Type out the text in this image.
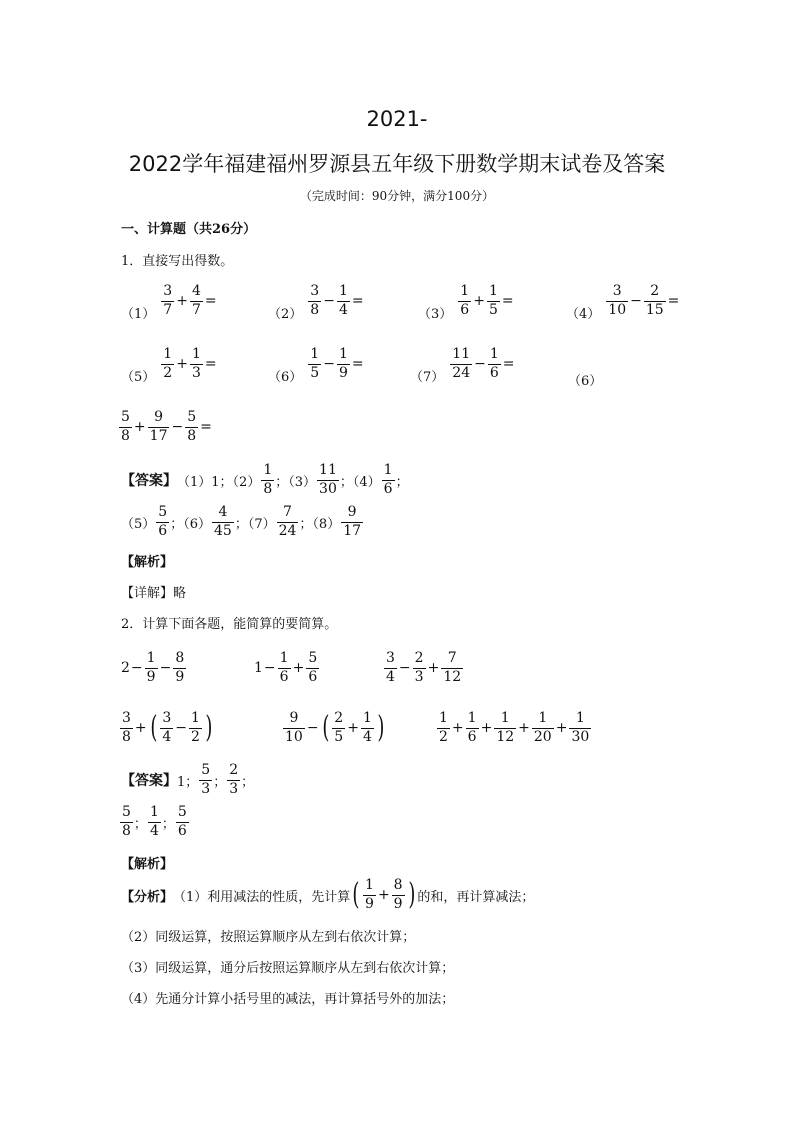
2021-
2022学年福建福州罗源县五年级下册数学期末试卷及答案
（完成时间：90分钟，满分100分）
一、计算题（共26分）
1．直接写出得数。
$(1) \frac{3}{7} + \frac{4}{7}$ =
$(2) \frac{3}{8} - \frac{1}{4}$ =
$(3) \frac{1}{6} + \frac{1}{5}$ =
$(4) \frac{3}{10} - \frac{2}{15}$ =
$(5) \frac{1}{2} + \frac{1}{3}$ =
$(6) \frac{1}{5} - \frac{1}{9}$ =
$(7) \frac{11}{24} - \frac{1}{6}$ =
（6）
$\frac{5}{8} + \frac{9}{17} - \frac{5}{8}$ =
【答案】 （1）1；$(2) \frac{1}{8}$ ；$(3) \frac{11}{30}$ ；$(4) \frac{1}{6}$ ；
$(5) \frac{5}{6}$ ；$(6) \frac{4}{45}$ ；$(7) \frac{7}{24}$ ；$(8) \frac{9}{17}$
【解析】
【详解】略
2．计算下面各题，能简算的要简算。
$2 - \frac{1}{9} - \frac{8}{9}$	$1 - \frac{1}{6} + \frac{5}{6}$	$\frac{3}{4} - \frac{2}{3} + \frac{7}{12}$
$\frac{3}{8}$ + ( $\frac{3}{4} - \frac{1}{2}$ )	$\frac{9}{10}$ − ( $\frac{2}{5} + \frac{1}{4}$ )	$\frac{1}{2} + \frac{1}{6} + \frac{1}{12} + \frac{1}{20} + \frac{1}{30}$
【答案】 1； $\frac{5}{3}$ ； $\frac{2}{3}$ ；
$\frac{5}{8}$ ； $\frac{1}{4}$ ； $\frac{5}{6}$
【解析】
【分析】 （1）利用减法的性质，先计算 ( $\frac{1}{9} + \frac{8}{9}$ ) 的和，再计算减法；
（2）同级运算，按照运算顺序从左到右依次计算；
（3）同级运算，通分后按照运算顺序从左到右依次计算；
（4）先通分计算小括号里的减法，再计算括号外的加法；
